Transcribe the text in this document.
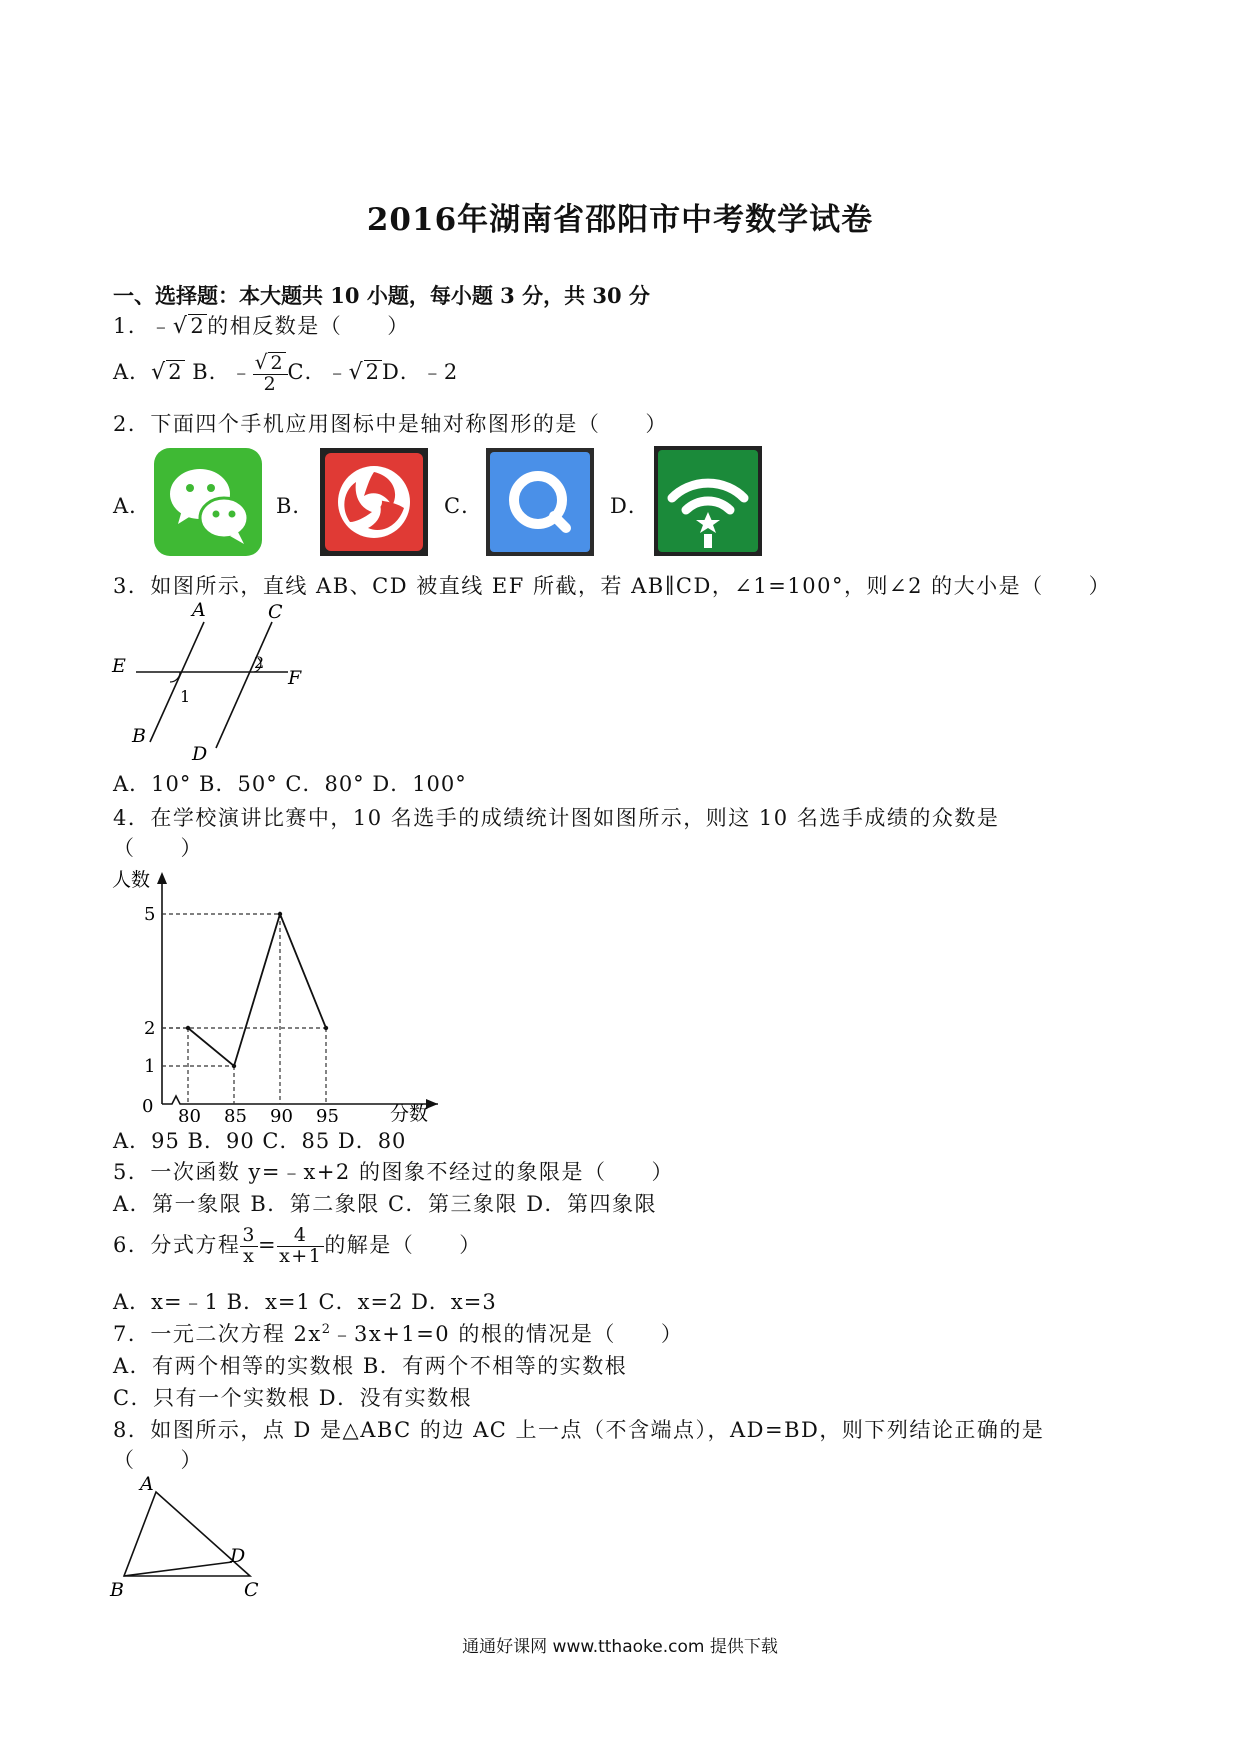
2016年湖南省邵阳市中考数学试卷
一、选择题：本大题共 10 小题，每小题 3 分，共 30 分
1．﹣√2的相反数是（　　）
A．√2 B．﹣ $\frac{√ 2}{2}$ C．﹣√2D．﹣2
2．下面四个手机应用图标中是轴对称图形的是（　　）
A．	B．	C．	D．
3．如图所示，直线 AB、CD 被直线 EF 所截，若 AB∥CD，∠1=100°，则∠2 的大小是（　　）
A	C
E
F
B
D
1
2
A．10° B．50° C．80° D．100°
4．在学校演讲比赛中，10 名选手的成绩统计图如图所示，则这 10 名选手成绩的众数是
（　　）
人数
分数
0 80 85 90 95
5
2
1
A．95 B．90 C．85 D．80
5．一次函数 y=﹣x+2 的图象不经过的象限是（　　）
A．第一象限 B．第二象限 C．第三象限 D．第四象限
6．分式方程 $\frac{3}{x} = \frac{4}{x+1}$ 的解是（　　）
A．x=﹣1 B．x=1 C．x=2 D．x=3
7．一元二次方程 $2x^2﹣3x+1=0$ 的根的情况是（　　）
A．有两个相等的实数根 B．有两个不相等的实数根
C．只有一个实数根 D．没有实数根
8．如图所示，点 D 是△ABC 的边 AC 上一点（不含端点），AD=BD，则下列结论正确的是
（　　）
A
D
B	C
通通好课网 www.tthaoke.com 提供下载
